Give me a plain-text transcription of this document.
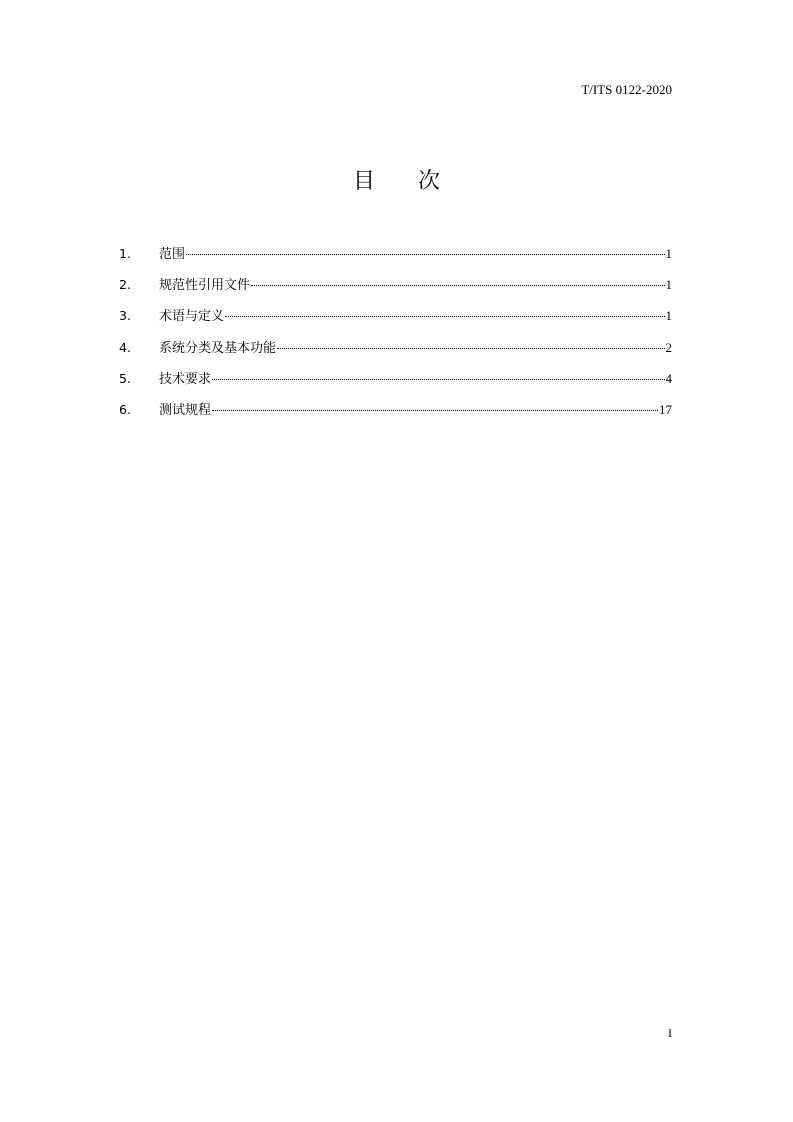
T/ITS 0122-2020
目 次
1.	范围	1
2.	规范性引用文件	1
3.	术语与定义	1
4.	系统分类及基本功能	2
5.	技术要求	4
6.	测试规程	17
I
